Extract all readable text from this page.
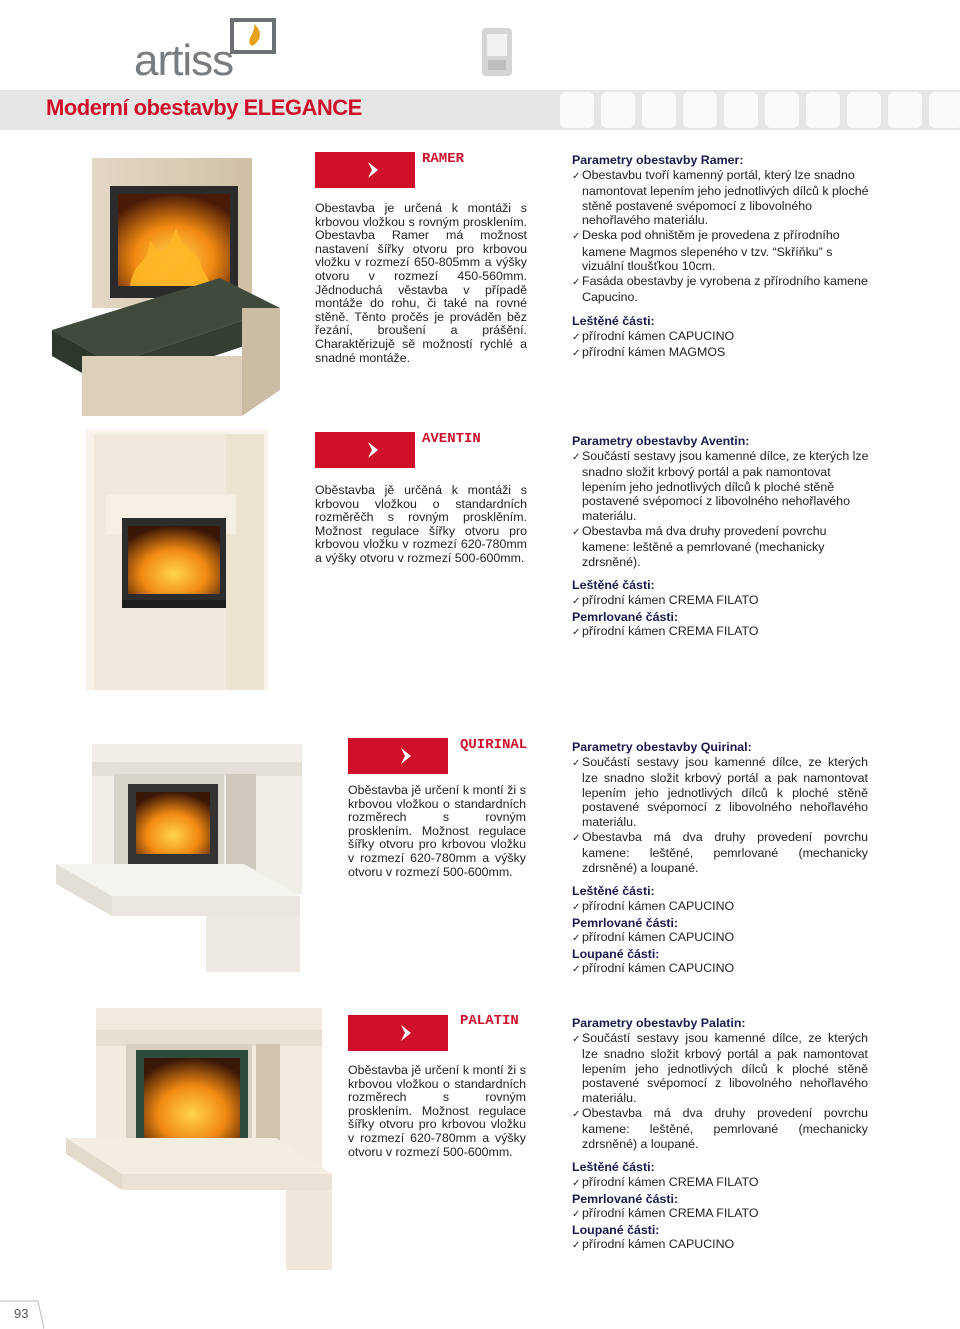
artiss
Moderní obestavby ELEGANCE
RAMER
Obestavba je určená k montáži s krbovou vložkou s rovným prosklením. Obestavba Ramer má možnost nastavení šířky otvoru pro krbovou vložku v rozmezí 650-805mm a výšky otvoru v rozmezí 450-560mm. Jědnoduchá věstavba v případě montáže do rohu, či také na rovné stěně. Těnto pročěs je prováděn běz řezání, broušení a prášění. Charaktěrizujě sě možností rychlé a snadné montáže.
Parametry obestavby Ramer:
✓ Obestavbu tvoří kamenný portál, který lze snadno namontovat lepením jeho jednotlivých dílců k ploché stěně postavené svépomocí z libovolného nehořlavého materiálu.
✓ Deska pod ohništěm je provedena z přírodního kamene Magmos slepeného v tzv. “Skříňku” s vizuální tloušťkou 10cm.
✓ Fasáda obestavby je vyrobena z přírodního kamene Capucino.
Leštěné části:
✓ přírodní kámen CAPUCINO
✓ přírodní kámen MAGMOS
AVENTIN
Oběstavba jě určěná k montáži s krbovou vložkou o standardních rozměrěčh s rovným prosklěním. Možnost regulace šířky otvoru pro krbovou vložku v rozmezí 620-780mm a výšky otvoru v rozmezí 500-600mm.
Parametry obestavby Aventin:
✓ Součástí sestavy jsou kamenné dílce, ze kterých lze snadno složit krbový portál a pak namontovat lepením jeho jednotlivých dílců k ploché stěně postavené svépomocí z libovolného nehořlavého materiálu.
✓ Obestavba má dva druhy provedení povrchu kamene: leštěné a pemrlované (mechanicky zdrsněné).
Leštěné části:
✓ přírodní kámen CREMA FILATO
Pemrlované části:
✓ přírodní kámen CREMA FILATO
QUIRINAL
Oběstavba jě určení k montí ži s krbovou vložkou o standardních rozměrech s rovným prosklením. Možnost regulace šířky otvoru pro krbovou vložku v rozmezí 620-780mm a výšky otvoru v rozmezí 500-600mm.
Parametry obestavby Quirinal:
✓ Součástí sestavy jsou kamenné dílce, ze kterých lze snadno složit krbový portál a pak namontovat lepením jeho jednotlivých dílců k ploché stěně postavené svépomocí z libovolného nehořlavého materiálu.
✓ Obestavba má dva druhy provedení povrchu kamene: leštěné, pemrlované (mechanicky zdrsněné) a loupané.
Leštěné části:
✓ přírodní kámen CAPUCINO
Pemrlované části:
✓ přírodní kámen CAPUCINO
Loupané části:
✓ přírodní kámen CAPUCINO
PALATIN
Oběstavba jě určení k montí ži s krbovou vložkou o standardních rozměrech s rovným prosklením. Možnost regulace šířky otvoru pro krbovou vložku v rozmezí 620-780mm a výšky otvoru v rozmezí 500-600mm.
Parametry obestavby Palatin:
✓ Součástí sestavy jsou kamenné dílce, ze kterých lze snadno složit krbový portál a pak namontovat lepením jeho jednotlivých dílců k ploché stěně postavené svépomocí z libovolného nehořlavého materiálu.
✓ Obestavba má dva druhy provedení povrchu kamene: leštěné, pemrlované (mechanicky zdrsněné) a loupané.
Leštěné části:
✓ přírodní kámen CREMA FILATO
Pemrlované části:
✓ přírodní kámen CREMA FILATO
Loupané části:
✓ přírodní kámen CAPUCINO
93
